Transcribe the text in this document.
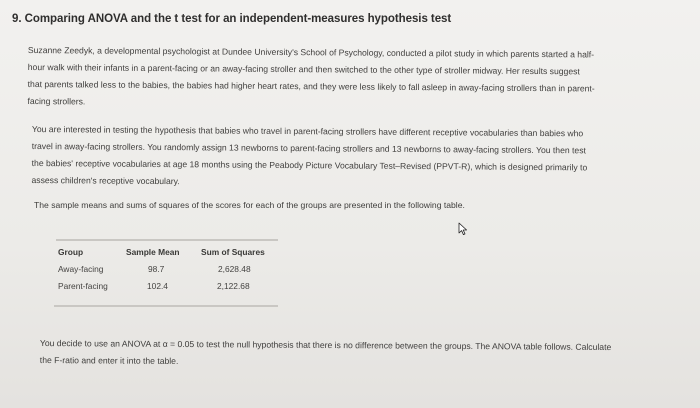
9. Comparing ANOVA and the t test for an independent-measures hypothesis test
Suzanne Zeedyk, a developmental psychologist at Dundee University's School of Psychology, conducted a pilot study in which parents started a half-
hour walk with their infants in a parent-facing or an away-facing stroller and then switched to the other type of stroller midway. Her results suggest
that parents talked less to the babies, the babies had higher heart rates, and they were less likely to fall asleep in away-facing strollers than in parent-
facing strollers.
You are interested in testing the hypothesis that babies who travel in parent-facing strollers have different receptive vocabularies than babies who
travel in away-facing strollers. You randomly assign 13 newborns to parent-facing strollers and 13 newborns to away-facing strollers. You then test
the babies' receptive vocabularies at age 18 months using the Peabody Picture Vocabulary Test–Revised (PPVT-R), which is designed primarily to
assess children's receptive vocabulary.
The sample means and sums of squares of the scores for each of the groups are presented in the following table.
Group	Sample Mean	Sum of Squares
Away-facing	98.7	2,628.48
Parent-facing	102.4	2,122.68
You decide to use an ANOVA at α = 0.05 to test the null hypothesis that there is no difference between the groups. The ANOVA table follows. Calculate
the F-ratio and enter it into the table.
